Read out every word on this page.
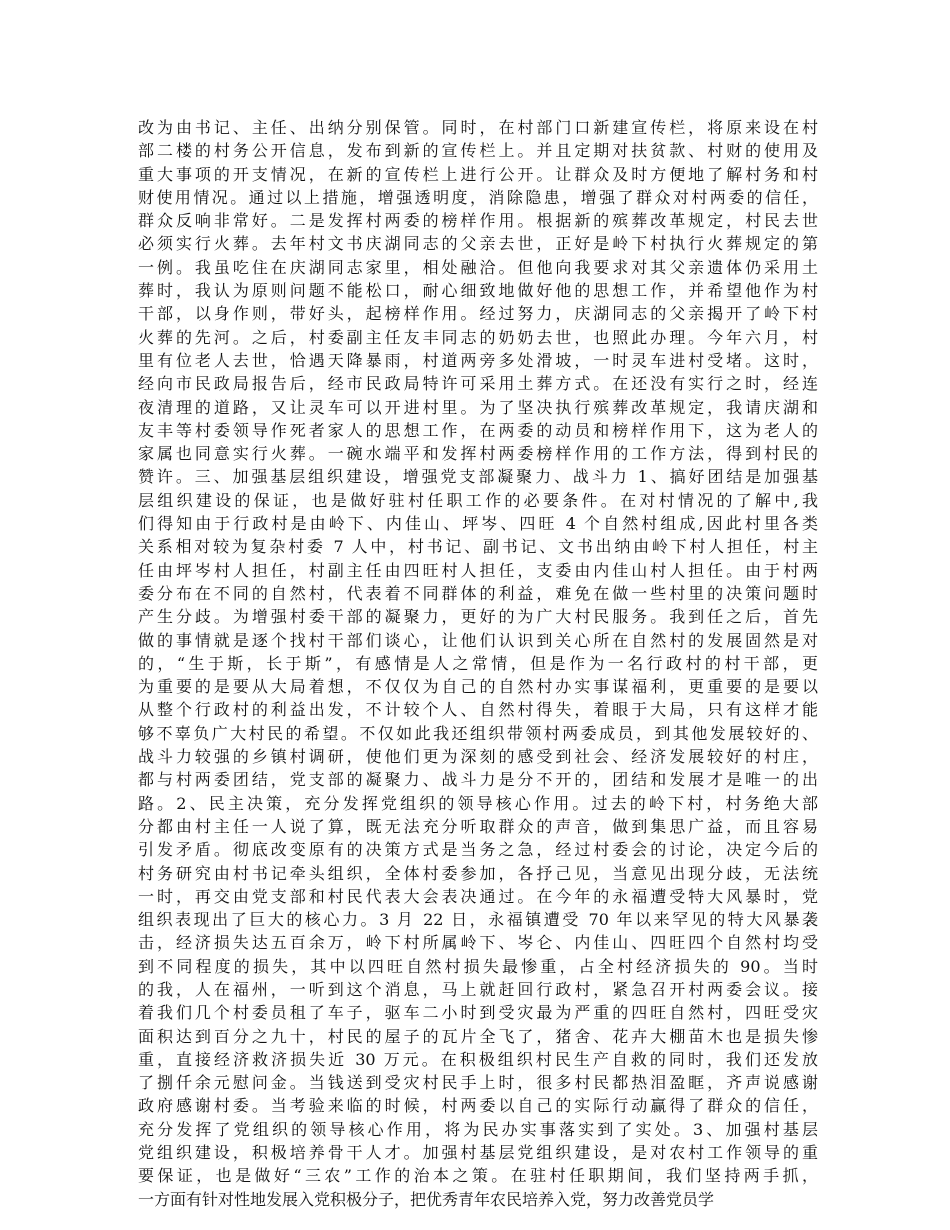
改为由书记、主任、出纳分别保管。同时，在村部门口新建宣传栏，将原来设在村
部二楼的村务公开信息，发布到新的宣传栏上。并且定期对扶贫款、村财的使用及
重大事项的开支情况，在新的宣传栏上进行公开。让群众及时方便地了解村务和村
财使用情况。通过以上措施，增强透明度，消除隐患，增强了群众对村两委的信任，
群众反响非常好。二是发挥村两委的榜样作用。根据新的殡葬改革规定，村民去世
必须实行火葬。去年村文书庆湖同志的父亲去世，正好是岭下村执行火葬规定的第
一例。我虽吃住在庆湖同志家里，相处融洽。但他向我要求对其父亲遗体仍采用土
葬时，我认为原则问题不能松口，耐心细致地做好他的思想工作，并希望他作为村
干部，以身作则，带好头，起榜样作用。经过努力，庆湖同志的父亲揭开了岭下村
火葬的先河。之后，村委副主任友丰同志的奶奶去世，也照此办理。今年六月，村
里有位老人去世，恰遇天降暴雨，村道两旁多处滑坡，一时灵车进村受堵。这时，
经向市民政局报告后，经市民政局特许可采用土葬方式。在还没有实行之时，经连
夜清理的道路，又让灵车可以开进村里。为了坚决执行殡葬改革规定，我请庆湖和
友丰等村委领导作死者家人的思想工作，在两委的动员和榜样作用下，这为老人的
家属也同意实行火葬。一碗水端平和发挥村两委榜样作用的工作方法，得到村民的
赞许。三、加强基层组织建设，增强党支部凝聚力、战斗力 1、搞好团结是加强基
层组织建设的保证，也是做好驻村任职工作的必要条件。在对村情况的了解中,我
们得知由于行政村是由岭下、内佳山、坪岑、四旺 4 个自然村组成,因此村里各类
关系相对较为复杂村委 7 人中，村书记、副书记、文书出纳由岭下村人担任，村主
任由坪岑村人担任，村副主任由四旺村人担任，支委由内佳山村人担任。由于村两
委分布在不同的自然村，代表着不同群体的利益，难免在做一些村里的决策问题时
产生分歧。为增强村委干部的凝聚力，更好的为广大村民服务。我到任之后，首先
做的事情就是逐个找村干部们谈心，让他们认识到关心所在自然村的发展固然是对
的，“生于斯，长于斯”，有感情是人之常情，但是作为一名行政村的村干部，更
为重要的是要从大局着想，不仅仅为自己的自然村办实事谋福利，更重要的是要以
从整个行政村的利益出发，不计较个人、自然村得失，着眼于大局，只有这样才能
够不辜负广大村民的希望。不仅如此我还组织带领村两委成员，到其他发展较好的、
战斗力较强的乡镇村调研，使他们更为深刻的感受到社会、经济发展较好的村庄，
都与村两委团结，党支部的凝聚力、战斗力是分不开的，团结和发展才是唯一的出
路。2、民主决策，充分发挥党组织的领导核心作用。过去的岭下村，村务绝大部
分都由村主任一人说了算，既无法充分听取群众的声音，做到集思广益，而且容易
引发矛盾。彻底改变原有的决策方式是当务之急，经过村委会的讨论，决定今后的
村务研究由村书记牵头组织，全体村委参加，各抒己见，当意见出现分歧，无法统
一时，再交由党支部和村民代表大会表决通过。在今年的永福遭受特大风暴时，党
组织表现出了巨大的核心力。3 月 22 日，永福镇遭受 70 年以来罕见的特大风暴袭
击，经济损失达五百余万，岭下村所属岭下、岑仑、内佳山、四旺四个自然村均受
到不同程度的损失，其中以四旺自然村损失最惨重，占全村经济损失的 90。当时
的我，人在福州，一听到这个消息，马上就赶回行政村，紧急召开村两委会议。接
着我们几个村委员租了车子，驱车二小时到受灾最为严重的四旺自然村，四旺受灾
面积达到百分之九十，村民的屋子的瓦片全飞了，猪舍、花卉大棚苗木也是损失惨
重，直接经济救济损失近 30 万元。在积极组织村民生产自救的同时，我们还发放
了捌仟余元慰问金。当钱送到受灾村民手上时，很多村民都热泪盈眶，齐声说感谢
政府感谢村委。当考验来临的时候，村两委以自己的实际行动赢得了群众的信任，
充分发挥了党组织的领导核心作用，将为民办实事落实到了实处。3、加强村基层
党组织建设，积极培养骨干人才。加强村基层党组织建设，是对农村工作领导的重
要保证，也是做好“三农”工作的治本之策。在驻村任职期间，我们坚持两手抓，
一方面有针对性地发展入党积极分子，把优秀青年农民培养入党，努力改善党员学
